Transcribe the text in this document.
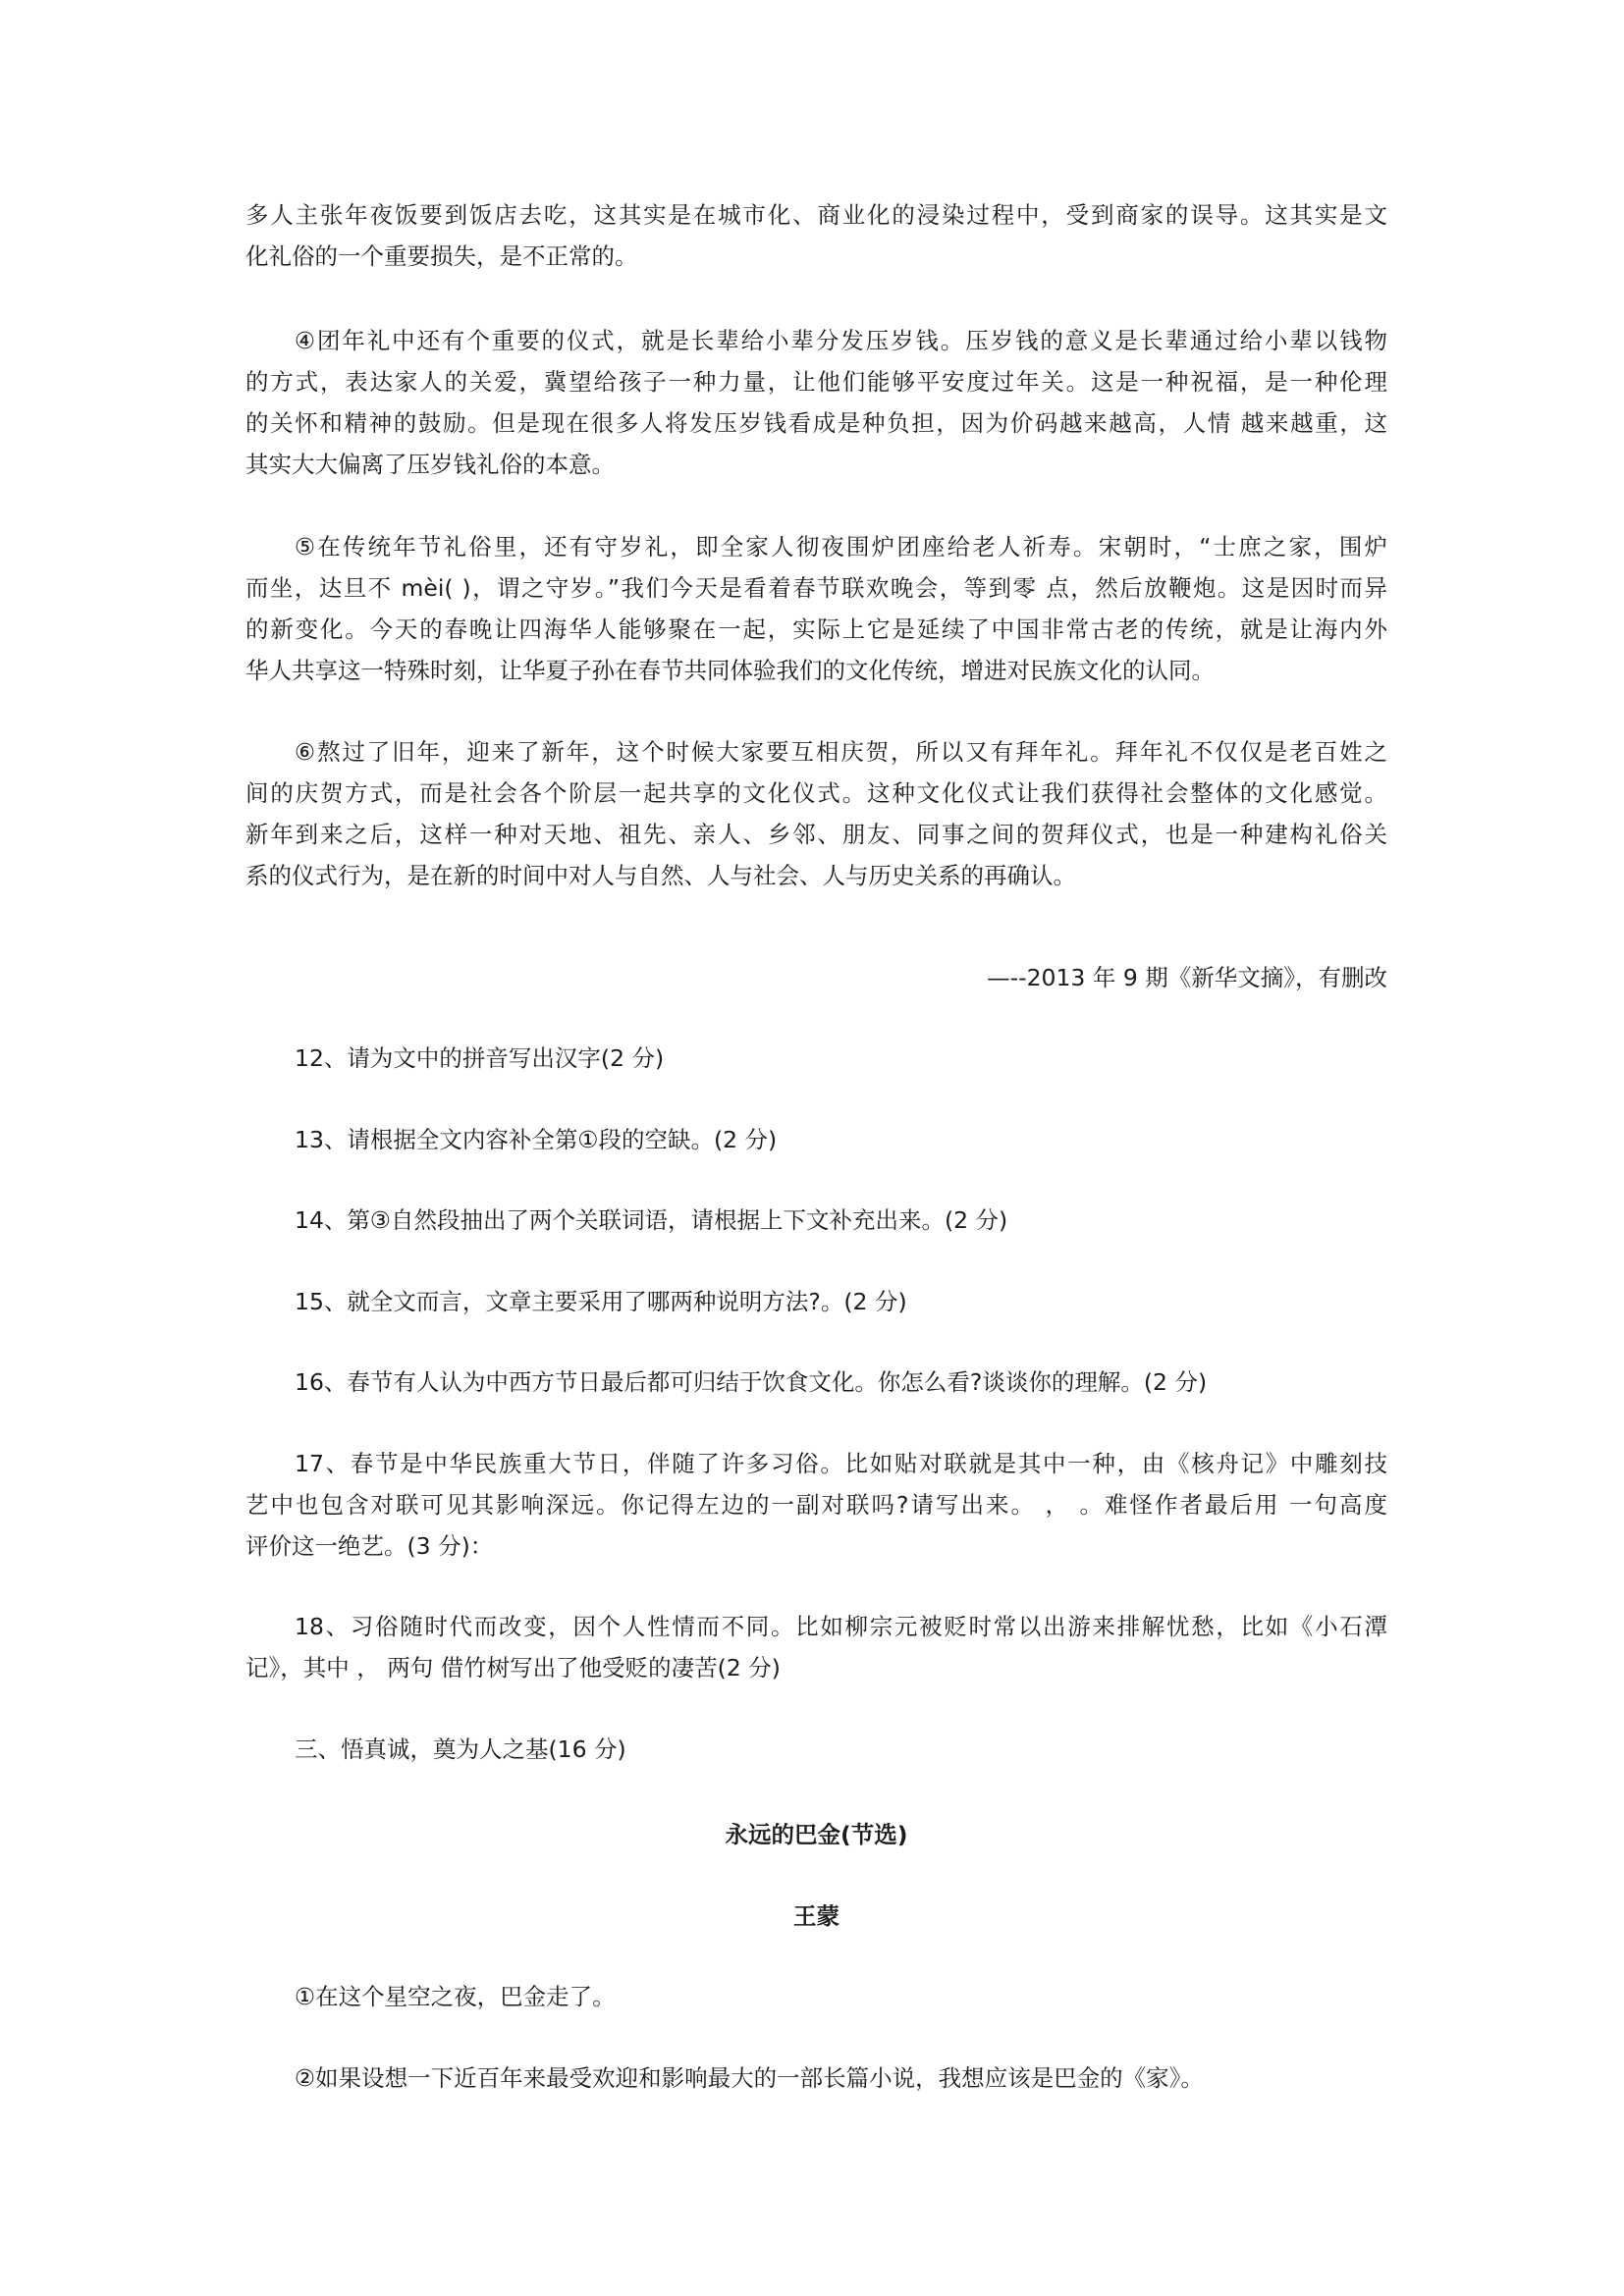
多人主张年夜饭要到饭店去吃，这其实是在城市化、商业化的浸染过程中，受到商家的误导。这其实是文
化礼俗的一个重要损失，是不正常的。
④团年礼中还有个重要的仪式，就是长辈给小辈分发压岁钱。压岁钱的意义是长辈通过给小辈以钱物
的方式，表达家人的关爱，冀望给孩子一种力量，让他们能够平安度过年关。这是一种祝福，是一种伦理
的关怀和精神的鼓励。但是现在很多人将发压岁钱看成是种负担，因为价码越来越高，人情 越来越重，这
其实大大偏离了压岁钱礼俗的本意。
⑤在传统年节礼俗里，还有守岁礼，即全家人彻夜围炉团座给老人祈寿。宋朝时，“士庶之家，围炉
而坐，达旦不 mèi( )，谓之守岁。”我们今天是看着春节联欢晚会，等到零 点，然后放鞭炮。这是因时而异
的新变化。今天的春晚让四海华人能够聚在一起，实际上它是延续了中国非常古老的传统，就是让海内外
华人共享这一特殊时刻，让华夏子孙在春节共同体验我们的文化传统，增进对民族文化的认同。
⑥熬过了旧年，迎来了新年，这个时候大家要互相庆贺，所以又有拜年礼。拜年礼不仅仅是老百姓之
间的庆贺方式，而是社会各个阶层一起共享的文化仪式。这种文化仪式让我们获得社会整体的文化感觉。
新年到来之后，这样一种对天地、祖先、亲人、乡邻、朋友、同事之间的贺拜仪式，也是一种建构礼俗关
系的仪式行为，是在新的时间中对人与自然、人与社会、人与历史关系的再确认。
—--2013 年 9 期《新华文摘》，有删改
12、请为文中的拼音写出汉字(2 分)
13、请根据全文内容补全第①段的空缺。(2 分)
14、第③自然段抽出了两个关联词语，请根据上下文补充出来。(2 分)
15、就全文而言，文章主要采用了哪两种说明方法?。(2 分)
16、春节有人认为中西方节日最后都可归结于饮食文化。你怎么看?谈谈你的理解。(2 分)
17、春节是中华民族重大节日，伴随了许多习俗。比如贴对联就是其中一种，由《核舟记》中雕刻技
艺中也包含对联可见其影响深远。你记得左边的一副对联吗?请写出来。 ， 。难怪作者最后用 一句高度
评价这一绝艺。(3 分)：
18、习俗随时代而改变，因个人性情而不同。比如柳宗元被贬时常以出游来排解忧愁，比如《小石潭
记》，其中 ， 两句 借竹树写出了他受贬的凄苦(2 分)
三、悟真诚，奠为人之基(16 分)
永远的巴金(节选)
王蒙
①在这个星空之夜，巴金走了。
②如果设想一下近百年来最受欢迎和影响最大的一部长篇小说，我想应该是巴金的《家》。
